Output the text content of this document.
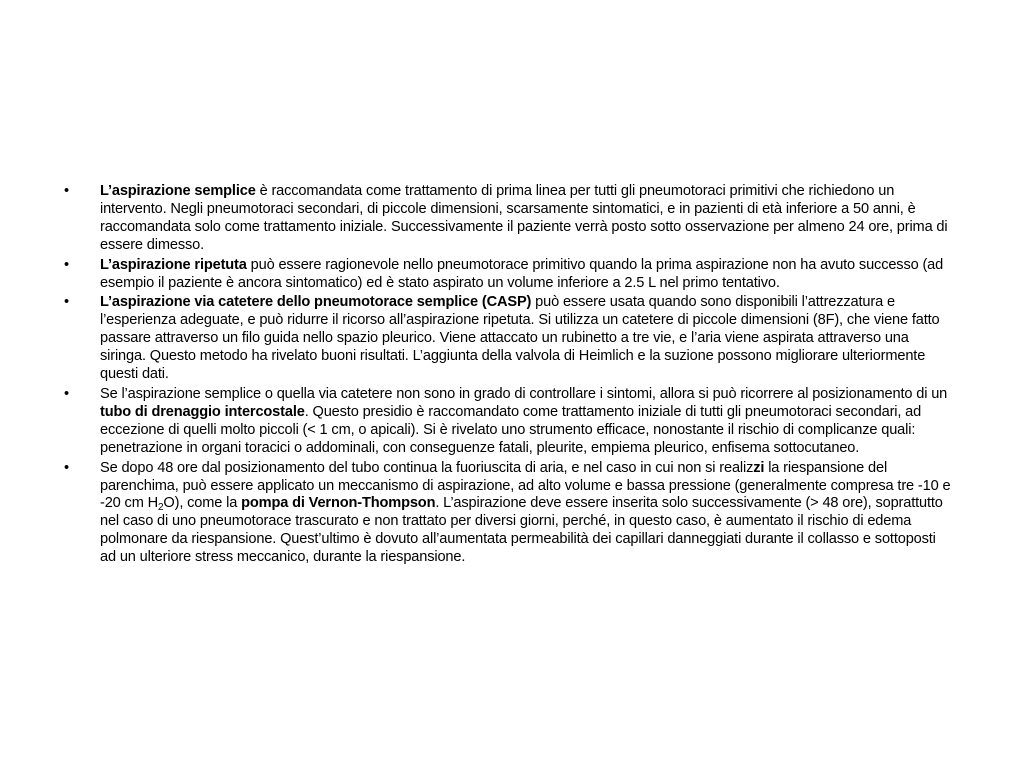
•
L’aspirazione semplice è raccomandata come trattamento di prima linea per tutti gli pneumotoraci primitivi che richiedono un intervento. Negli pneumotoraci secondari, di piccole dimensioni, scarsamente sintomatici, e in pazienti di età inferiore a 50 anni, è raccomandata solo come trattamento iniziale. Successivamente il paziente verrà posto sotto osservazione per almeno 24 ore, prima di essere dimesso.
•
L’aspirazione ripetuta può essere ragionevole nello pneumotorace primitivo quando la prima aspirazione non ha avuto successo (ad esempio il paziente è ancora sintomatico) ed è stato aspirato un volume inferiore a 2.5 L nel primo tentativo.
•
L’aspirazione via catetere dello pneumotorace semplice (CASP) può essere usata quando sono disponibili l’attrezzatura e l’esperienza adeguate, e può ridurre il ricorso all’aspirazione ripetuta. Si utilizza un catetere di piccole dimensioni (8F), che viene fatto passare attraverso un filo guida nello spazio pleurico. Viene attaccato un rubinetto a tre vie, e l’aria viene aspirata attraverso una siringa. Questo metodo ha rivelato buoni risultati. L’aggiunta della valvola di Heimlich e la suzione possono migliorare ulteriormente questi dati.
•
Se l’aspirazione semplice o quella via catetere non sono in grado di controllare i sintomi, allora si può ricorrere al posizionamento di un tubo di drenaggio intercostale. Questo presidio è raccomandato come trattamento iniziale di tutti gli pneumotoraci secondari, ad eccezione di quelli molto piccoli (< 1 cm, o apicali). Si è rivelato uno strumento efficace, nonostante il rischio di complicanze quali: penetrazione in organi toracici o addominali, con conseguenze fatali, pleurite, empiema pleurico, enfisema sottocutaneo.
•
Se dopo 48 ore dal posizionamento del tubo continua la fuoriuscita di aria, e nel caso in cui non si realizzi la riespansione del parenchima, può essere applicato un meccanismo di aspirazione, ad alto volume e bassa pressione (generalmente compresa tre -10 e -20 cm $H_2O$), come la pompa di Vernon-Thompson. L’aspirazione deve essere inserita solo successivamente (> 48 ore), soprattutto nel caso di uno pneumotorace trascurato e non trattato per diversi giorni, perché, in questo caso, è aumentato il rischio di edema polmonare da riespansione. Quest’ultimo è dovuto all’aumentata permeabilità dei capillari danneggiati durante il collasso e sottoposti ad un ulteriore stress meccanico, durante la riespansione.
